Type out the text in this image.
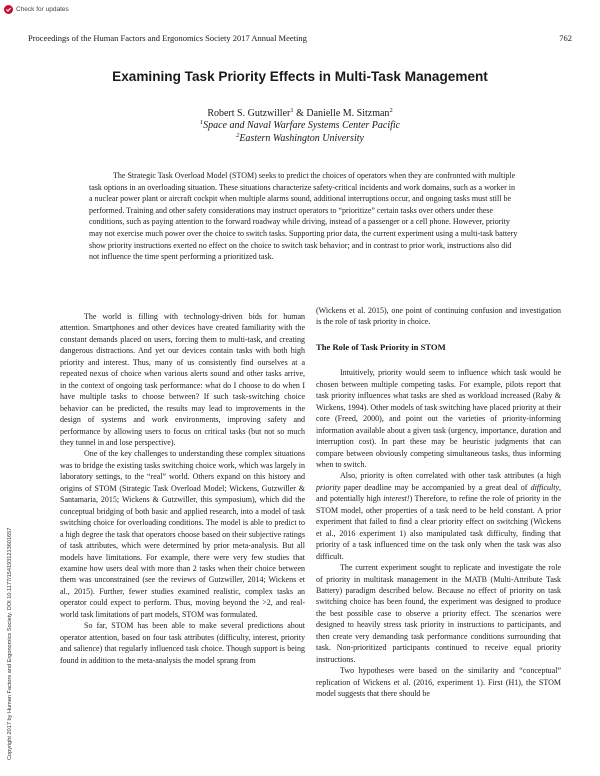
Check for updates
Proceedings of the Human Factors and Ergonomics Society 2017 Annual Meeting	762
Examining Task Priority Effects in Multi-Task Management
Robert S. Gutzwiller$^1$ & Danielle M. Sitzman$^2$
$^1$Space and Naval Warfare Systems Center Pacific
$^2$Eastern Washington University

The Strategic Task Overload Model (STOM) seeks to predict the choices of operators when they are confronted with multiple task options in an overloading situation. These situations characterize safety-critical incidents and work domains, such as a worker in a nuclear power plant or aircraft cockpit when multiple alarms sound, additional interruptions occur, and ongoing tasks must still be performed. Training and other safety considerations may instruct operators to “prioritize” certain tasks over others under these conditions, such as paying attention to the forward roadway while driving, instead of a passenger or a cell phone. However, priority may not exercise much power over the choice to switch tasks. Supporting prior data, the current experiment using a multi-task battery show priority instructions exerted no effect on the choice to switch task behavior; and in contrast to prior work, instructions also did not influence the time spent performing a prioritized task.

The world is filling with technology-driven bids for human attention. Smartphones and other devices have created familiarity with the constant demands placed on users, forcing them to multi-task, and creating dangerous distractions. And yet our devices contain tasks with both high priority and interest. Thus, many of us consistently find ourselves at a repeated nexus of choice when various alerts sound and other tasks arrive, in the context of ongoing task performance: what do I choose to do when I have multiple tasks to choose between? If such task-switching choice behavior can be predicted, the results may lead to improvements in the design of systems and work environments, improving safety and performance by allowing users to focus on critical tasks (but not so much they tunnel in and lose perspective).

One of the key challenges to understanding these complex situations was to bridge the existing tasks switching choice work, which was largely in laboratory settings, to the “real” world. Others expand on this history and origins of STOM (Strategic Task Overload Model; Wickens, Gutzwiller & Santamaria, 2015; Wickens & Gutzwiller, this symposium), which did the conceptual bridging of both basic and applied research, into a model of task switching choice for overloading conditions. The model is able to predict to a high degree the task that operators choose based on their subjective ratings of task attributes, which were determined by prior meta-analysis. But all models have limitations. For example, there were very few studies that examine how users deal with more than 2 tasks when their choice between them was unconstrained (see the reviews of Gutzwiller, 2014; Wickens et al., 2015). Further, fewer studies examined realistic, complex tasks an operator could expect to perform. Thus, moving beyond the >2, and real-world task limitations of part models, STOM was formulated.

So far, STOM has been able to make several predictions about operator attention, based on four task attributes (difficulty, interest, priority and salience) that regularly influenced task choice. Though support is being found in addition to the meta-analysis the model sprang from

(Wickens et al. 2015), one point of continuing confusion and investigation is the role of task priority in choice.

The Role of Task Priority in STOM

Intuitively, priority would seem to influence which task would be chosen between multiple competing tasks. For example, pilots report that task priority influences what tasks are shed as workload increased (Raby & Wickens, 1994). Other models of task switching have placed priority at their core (Freed, 2000), and point out the varieties of priority-informing information available about a given task (urgency, importance, duration and interruption cost). In part these may be heuristic judgments that can compare between obviously competing simultaneous tasks, thus informing when to switch.

Also, priority is often correlated with other task attributes (a high priority paper deadline may be accompanied by a great deal of difficulty, and potentially high interest!) Therefore, to refine the role of priority in the STOM model, other properties of a task need to be held constant. A prior experiment that failed to find a clear priority effect on switching (Wickens et al., 2016 experiment 1) also manipulated task difficulty, finding that priority of a task influenced time on the task only when the task was also difficult.

The current experiment sought to replicate and investigate the role of priority in multitask management in the MATB (Multi-Attribute Task Battery) paradigm described below. Because no effect of priority on task switching choice has been found, the experiment was designed to produce the best possible case to observe a priority effect. The scenarios were designed to heavily stress task priority in instructions to participants, and then create very demanding task performance conditions surrounding that task. Non-prioritized participants continued to receive equal priority instructions.

Two hypotheses were based on the similarity and “conceptual” replication of Wickens et al. (2016, experiment 1). First (H1), the STOM model suggests that there should be

Copyright 2017 by Human Factors and Ergonomics Society. DOI 10.1177/1541931213601657
